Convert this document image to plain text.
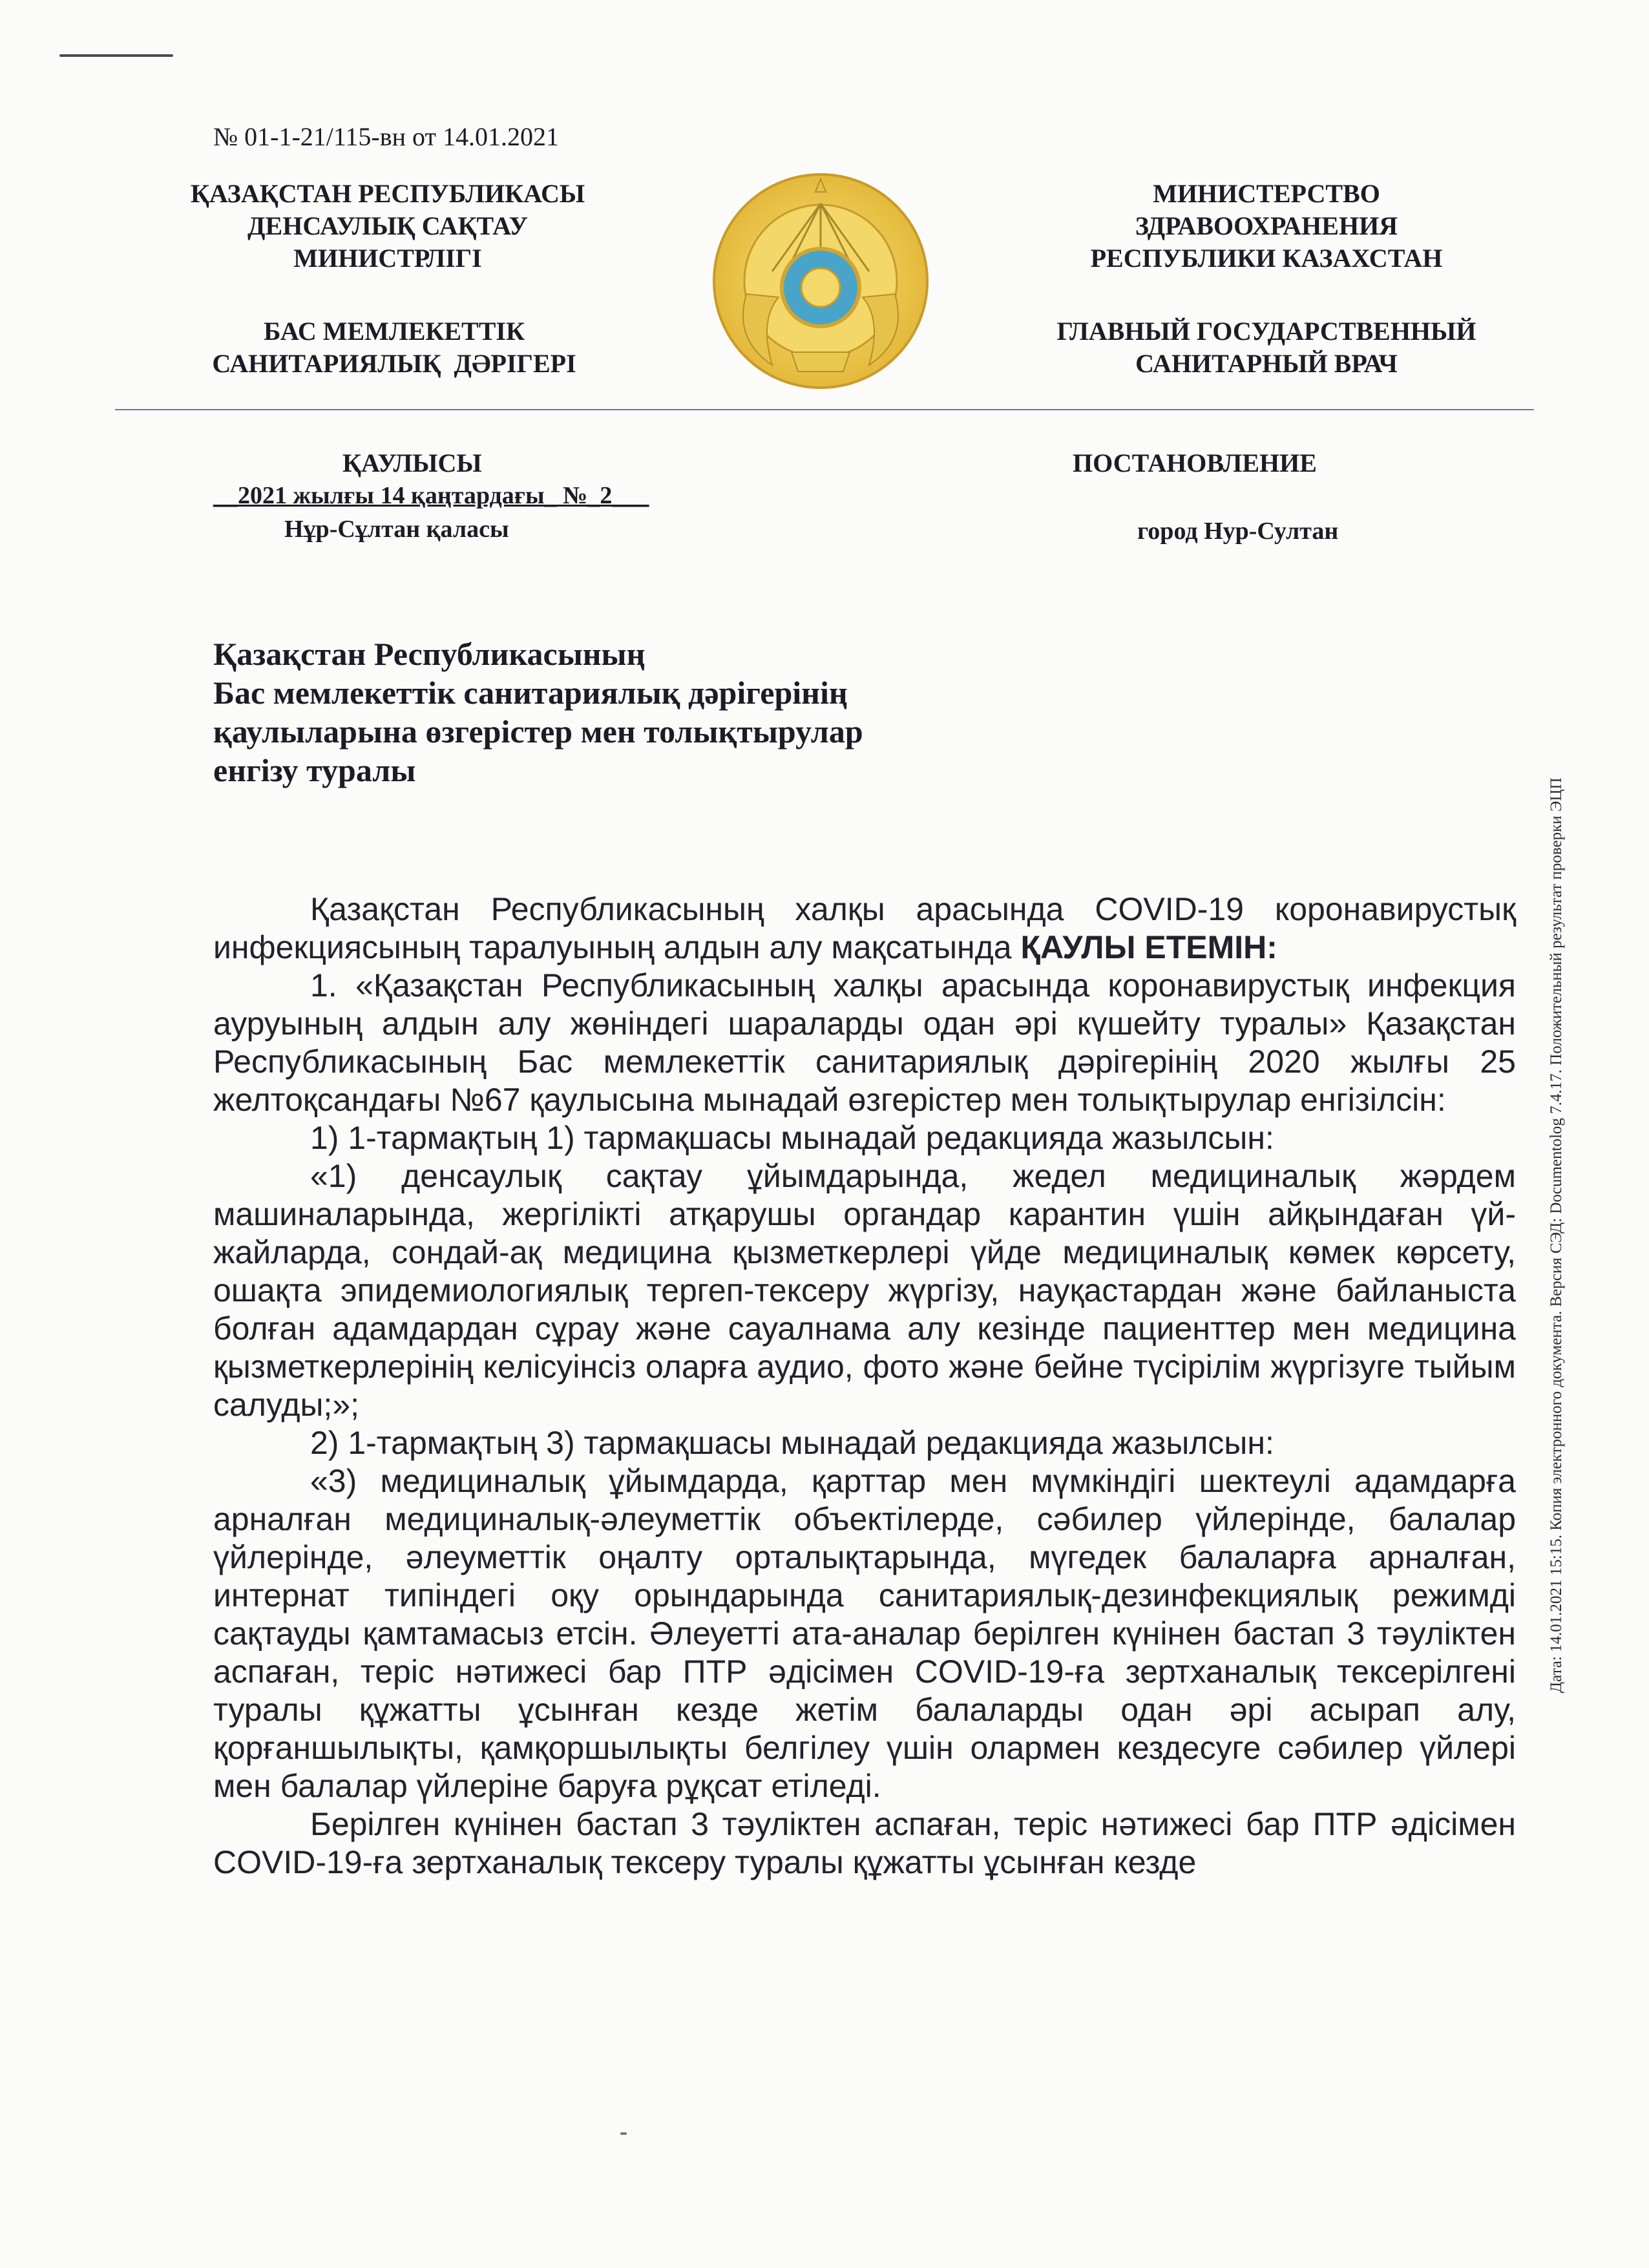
№ 01-1-21/115-вн от 14.01.2021
ҚАЗАҚСТАН РЕСПУБЛИКАСЫ
ДЕНСАУЛЫҚ САҚТАУ
МИНИСТРЛІГІ
БАС МЕМЛЕКЕТТІК
САНИТАРИЯЛЫҚ  ДӘРІГЕРІ
МИНИСТЕРСТВО
ЗДРАВООХРАНЕНИЯ
РЕСПУБЛИКИ КАЗАХСТАН
ГЛАВНЫЙ ГОСУДАРСТВЕННЫЙ
САНИТАРНЫЙ ВРАЧ
ҚАУЛЫСЫ
__2021 жылғы 14 қаңтардағы_ №_2___
Нұр-Сұлтан қаласы
ПОСТАНОВЛЕНИЕ
город Нур-Султан
Қазақстан Республикасының
Бас мемлекеттік санитариялық дәрігерінің
қаулыларына өзгерістер мен толықтырулар
енгізу туралы

Қазақстан Республикасының халқы арасында COVID-19 коронавирустық инфекциясының таралуының алдын алу мақсатында ҚАУЛЫ ЕТЕМІН:

1. «Қазақстан Республикасының халқы арасында коронавирустық инфекция ауруының алдын алу жөніндегі шараларды одан әрі күшейту туралы» Қазақстан Республикасының Бас мемлекеттік санитариялық дәрігерінің 2020 жылғы 25 желтоқсандағы №67 қаулысына мынадай өзгерістер мен толықтырулар енгізілсін:

1) 1-тармақтың 1) тармақшасы мынадай редакцияда жазылсын:

«1) денсаулық сақтау ұйымдарында, жедел медициналық жәрдем машиналарында, жергілікті атқарушы органдар карантин үшін айқындаған үй-жайларда, сондай-ақ медицина қызметкерлері үйде медициналық көмек көрсету, ошақта эпидемиологиялық тергеп-тексеру жүргізу, науқастардан және байланыста болған адамдардан сұрау және сауалнама алу кезінде пациенттер мен медицина қызметкерлерінің келісуінсіз оларға аудио, фото және бейне түсірілім жүргізуге тыйым салуды;»;

2) 1-тармақтың 3) тармақшасы мынадай редакцияда жазылсын:

«3) медициналық ұйымдарда, қарттар мен мүмкіндігі шектеулі адамдарға арналған медициналық-әлеуметтік объектілерде, сәбилер үйлерінде, балалар үйлерінде, әлеуметтік оңалту орталықтарында, мүгедек балаларға арналған, интернат типіндегі оқу орындарында санитариялық-дезинфекциялық режимді сақтауды қамтамасыз етсін. Әлеуетті ата-аналар берілген күнінен бастап 3 тәуліктен аспаған, теріс нәтижесі бар ПТР әдісімен COVID-19-ға зертханалық тексерілгені туралы құжатты ұсынған кезде жетім балаларды одан әрі асырап алу, қорғаншылықты, қамқоршылықты белгілеу үшін олармен кездесуге сәбилер үйлері мен балалар үйлеріне баруға рұқсат етіледі.

Берілген күнінен бастап 3 тәуліктен аспаған, теріс нәтижесі бар ПТР әдісімен COVID-19-ға зертханалық тексеру туралы құжатты ұсынған кезде

Дата: 14.01.2021 15:15. Копия электронного документа. Версия СЭД: Documentolog 7.4.17. Положительный результат проверки ЭЦП
